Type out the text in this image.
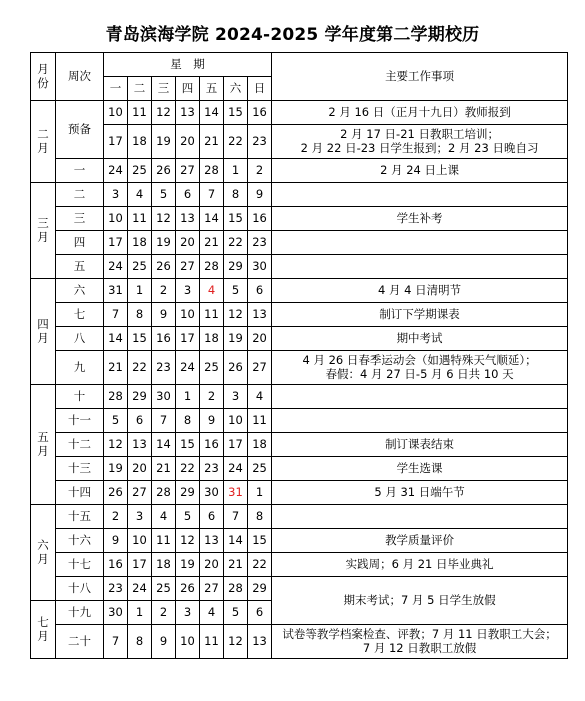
青岛滨海学院 2024-2025 学年度第二学期校历
月
份	周次	星　期							主要工作事项
		一	二	三	四	五	六	日	
二
月	预备	10	11	12	13	14	15	16	2 月 16 日（正月十九日）教师报到
		17	18	19	20	21	22	23	2 月 17 日-21 日教职工培训；
2 月 22 日-23 日学生报到；2 月 23 日晚自习
	一	24	25	26	27	28	1	2	2 月 24 日上课
三
月	二	3	4	5	6	7	8	9	
	三	10	11	12	13	14	15	16	学生补考
	四	17	18	19	20	21	22	23	
	五	24	25	26	27	28	29	30	
四
月	六	31	1	2	3	4	5	6	4 月 4 日清明节
	七	7	8	9	10	11	12	13	制订下学期课表
	八	14	15	16	17	18	19	20	期中考试
	九	21	22	23	24	25	26	27	4 月 26 日春季运动会（如遇特殊天气顺延）；
春假：4 月 27 日-5 月 6 日共 10 天
五
月	十	28	29	30	1	2	3	4	
	十一	5	6	7	8	9	10	11	
	十二	12	13	14	15	16	17	18	制订课表结束
	十三	19	20	21	22	23	24	25	学生选课
	十四	26	27	28	29	30	31	1	5 月 31 日端午节
六
月	十五	2	3	4	5	6	7	8	
	十六	9	10	11	12	13	14	15	教学质量评价
	十七	16	17	18	19	20	21	22	实践周；6 月 21 日毕业典礼
	十八	23	24	25	26	27	28	29	期末考试；7 月 5 日学生放假
七
月	十九	30	1	2	3	4	5	6	
	二十	7	8	9	10	11	12	13	试卷等教学档案检查、评教；7 月 11 日教职工大会；
7 月 12 日教职工放假
